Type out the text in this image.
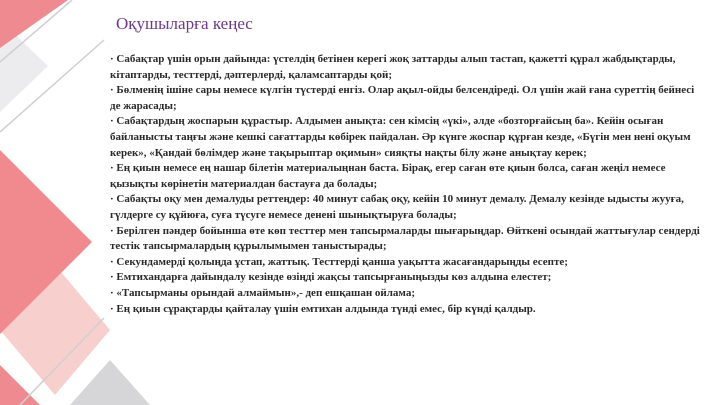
Оқушыларға кеңес

· Сабақтар үшін орын дайында: үстелдің бетінен керегі жоқ заттарды алып тастап, қажетті құрал жабдықтарды, кітаптарды, тесттерді, дәптерлерді, қаламсаптарды қой;

· Бөлменің ішіне сары немесе күлгін түстерді енгіз. Олар ақыл-ойды белсендіреді. Ол үшін жай ғана суреттің бейнесі де жарасады;

· Сабақтардың жоспарын құрастыр. Алдымен анықта: сен кімсің «үкі», әлде «бозторғайсың ба». Кейін осыған байланысты таңғы және кешкі сағаттарды көбірек пайдалан. Әр күнге жоспар құрған кезде, «Бүгін мен нені оқуым керек», «Қандай бөлімдер және тақырыптар оқимын» сияқты нақты білу және анықтау керек;

· Ең қиын немесе ең нашар білетін материалыңнан баста. Бірақ, егер саған өте қиын болса, саған жеңіл немесе қызықты көрінетін материалдан бастауға да болады;

· Сабақты оқу мен демалуды реттеңдер: 40 минут сабақ оқу, кейін 10 минут демалу. Демалу кезінде ыдысты жууға, гүлдерге су құйюға, суға түсуге немесе денені шынықтыруға болады;

· Берілген пәндер бойынша өте көп тесттер мен тапсырмаларды шығарыңдар. Өйткені осындай жаттығулар сендерді тестік тапсырмалардың құрылымымен таныстырады;

· Секундамерді қолыңда ұстап, жаттық. Тесттерді қанша уақытта жасағандарыңды есепте;

· Емтихандарға дайындалу кезінде өзіңді жақсы тапсырғаныңызды көз алдына елестет;

· «Тапсырманы орындай алмаймын»,- деп ешқашан ойлама;

· Ең қиын сұрақтарды қайталау үшін емтихан алдында түнді емес, бір күнді қалдыр.
